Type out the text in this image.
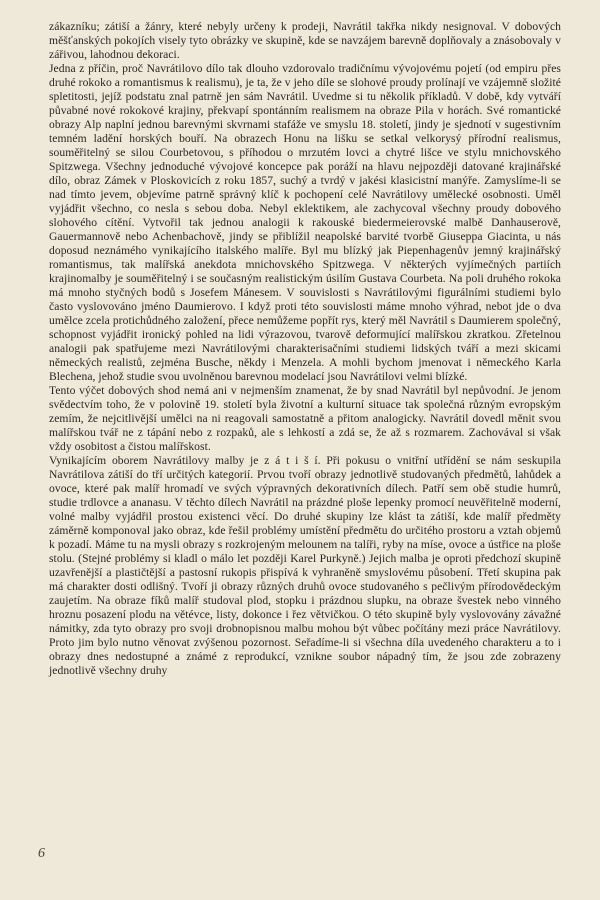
zákazníku; zátiší a žánry, které nebyly určeny k prodeji, Navrátil takřka nikdy nesignoval. V dobových měšťanských pokojích visely tyto obrázky ve skupině, kde se navzájem barevně doplňovaly a znásobovaly v zářivou, lahodnou dekoraci.

Jedna z příčin, proč Navrátilovo dílo tak dlouho vzdorovalo tradičnímu vývojovému pojetí (od empiru přes druhé rokoko a romantismus k realismu), je ta, že v jeho díle se slohové proudy prolínají ve vzájemně složité spletitosti, jejíž podstatu znal patrně jen sám Navrátil. Uvedme si tu několik příkladů. V době, kdy vytváří půvabné nové rokokové krajiny, překvapí spontánním realismem na obraze Pila v horách. Své romantické obrazy Alp naplní jednou barevnými skvrnami stafáže ve smyslu 18. století, jindy je sjednotí v sugestivním temném ladění horských bouří. Na obrazech Honu na lišku se setkal velkorysý přírodní realismus, souměřitelný se silou Courbetovou, s příhodou o mrzutém lovci a chytré lišce ve stylu mnichovského Spitzwega. Všechny jednoduché vývojové koncepce pak poráží na hlavu nejpozději datované krajinářské dílo, obraz Zámek v Ploskovicích z roku 1857, suchý a tvrdý v jakési klasicistní manýře. Zamyslíme-li se nad tímto jevem, objevíme patrně správný klíč k pochopení celé Navrátilovy umělecké osobnosti. Uměl vyjádřit všechno, co nesla s sebou doba. Nebyl eklektikem, ale zachycoval všechny proudy dobového slohového cítění. Vytvořil tak jednou analogii k rakouské biedermeierovské malbě Danhauserově, Gauermannově nebo Achenbachově, jindy se přiblížil neapolské barvité tvorbě Giuseppa Giacinta, u nás doposud neznámého vynikajícího italského malíře. Byl mu blízký jak Piepenhagenův jemný krajinářský romantismus, tak malířská anekdota mnichovského Spitzwega. V některých vyjímečných partiích krajinomalby je souměřitelný i se současným realistickým úsilím Gustava Courbeta. Na poli druhého rokoka má mnoho styčných bodů s Josefem Mánesem. V souvislosti s Navrátilovými figurálními studiemi bylo často vyslovováno jméno Daumierovo. I když proti této souvislosti máme mnoho výhrad, nebot jde o dva umělce zcela protichůdného založení, přece nemůžeme popřít rys, který měl Navrátil s Daumierem společný, schopnost vyjádřit ironický pohled na lidi výrazovou, tvarově deformující malířskou zkratkou. Zřetelnou analogii pak spatřujeme mezi Navrátilovými charakterisačními studiemi lidských tváří a mezi skicami německých realistů, zejména Busche, někdy i Menzela. A mohli bychom jmenovat i německého Karla Blechena, jehož studie svou uvolněnou barevnou modelací jsou Navrátilovi velmi blízké.

Tento výčet dobových shod nemá ani v nejmenším znamenat, že by snad Navrátil byl nepůvodní. Je jenom svědectvím toho, že v polovině 19. století byla životní a kulturní situace tak společná různým evropským zemím, že nejcitlivější umělci na ni reagovali samostatně a přitom analogicky. Navrátil dovedl měnit svou malířskou tvář ne z tápání nebo z rozpaků, ale s lehkostí a zdá se, že až s rozmarem. Zachovával si však vždy osobitost a čistou malířskost.

Vynikajícím oborem Navrátilovy malby je z á t i š í. Při pokusu o vnitřní utřídění se nám seskupila Navrátilova zátiší do tří určitých kategorií. Prvou tvoří obrazy jednotlivě studovaných předmětů, lahůdek a ovoce, které pak malíř hromadí ve svých výpravných dekorativních dílech. Patří sem obě studie humrů, studie trdlovce a ananasu. V těchto dílech Navrátil na prázdné ploše lepenky promocí neuvěřitelně moderní, volné malby vyjádřil prostou existenci věcí. Do druhé skupiny lze klást ta zátiší, kde malíř předměty záměrně komponoval jako obraz, kde řešil problémy umístění předmětu do určitého prostoru a vztah objemů k pozadí. Máme tu na mysli obrazy s rozkrojeným melounem na talíři, ryby na míse, ovoce a ústřice na ploše stolu. (Stejné problémy si kladl o málo let později Karel Purkyně.) Jejich malba je oproti předchozí skupině uzavřenější a plastičtější a pastosní rukopis přispívá k vyhraněně smyslovému působení. Třetí skupina pak má charakter dosti odlišný. Tvoří ji obrazy různých druhů ovoce studovaného s pečlivým přírodovědeckým zaujetím. Na obraze fíků malíř studoval plod, stopku i prázdnou slupku, na obraze švestek nebo vinného hroznu posazení plodu na větévce, listy, dokonce i řez větvičkou. O této skupině byly vyslovovány závažné námitky, zda tyto obrazy pro svoji drobnopisnou malbu mohou být vůbec počítány mezi práce Navrátilovy. Proto jim bylo nutno věnovat zvýšenou pozornost. Seřadíme-li si všechna díla uvedeného charakteru a to i obrazy dnes nedostupné a známé z reprodukcí, vznikne soubor nápadný tím, že jsou zde zobrazeny jednotlivě všechny druhy

6
